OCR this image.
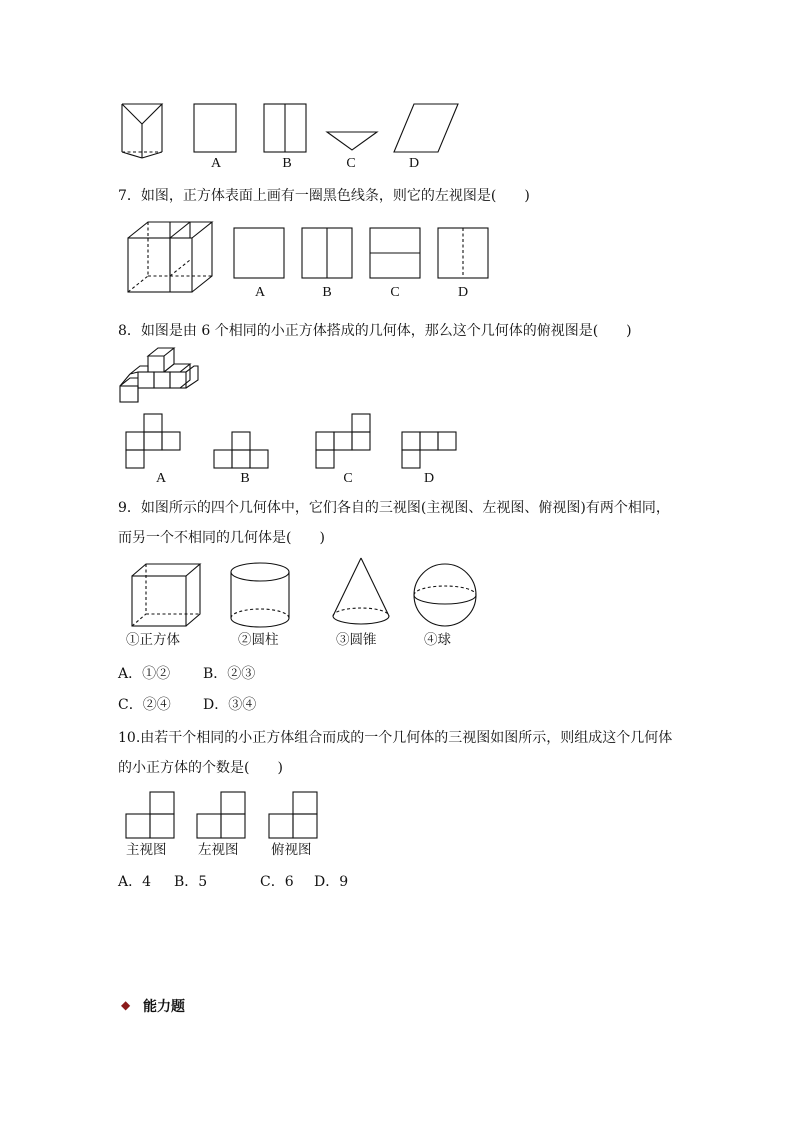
A	B	C	D
7．如图，正方体表面上画有一圈黑色线条，则它的左视图是(　　)
A	B	C	D
8．如图是由 6 个相同的小正方体搭成的几何体，那么这个几何体的俯视图是(　　)
A	B	C	D
9．如图所示的四个几何体中，它们各自的三视图(主视图、左视图、俯视图)有两个相同，
而另一个不相同的几何体是(　　)
①正方体	②圆柱	③圆锥	④球
A．①② B．②③
C．②④ D．③④
10.由若干个相同的小正方体组合而成的一个几何体的三视图如图所示，则组成这个几何体
的小正方体的个数是(　　)
主视图 左视图 俯视图
A．4 B．5	C．6 D．9
◆ 能力题
